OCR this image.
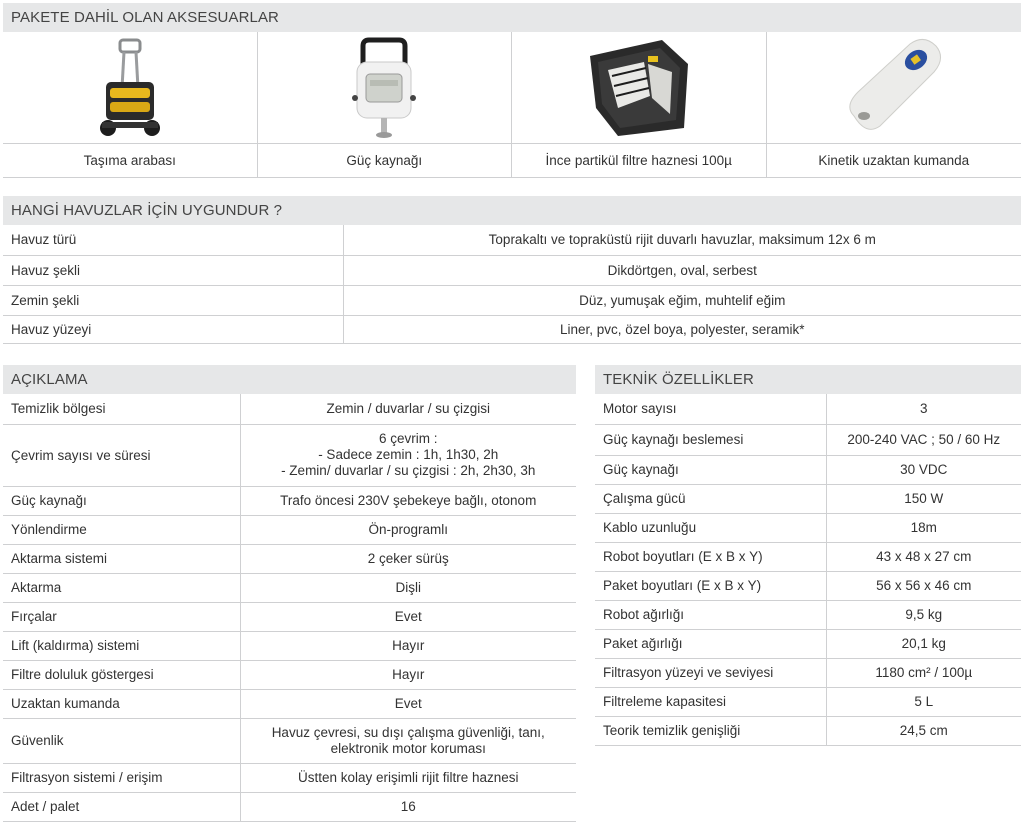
PAKETE DAHİL OLAN AKSESUARLAR
Taşıma arabası	Güç kaynağı	İnce partikül filtre haznesi 100µ	Kinetik uzaktan kumanda
HANGİ HAVUZLAR İÇİN UYGUNDUR ?
Havuz türü	Toprakaltı ve topraküstü rijit duvarlı havuzlar, maksimum 12x 6 m
Havuz şekli	Dikdörtgen, oval, serbest
Zemin şekli	Düz, yumuşak eğim, muhtelif eğim
Havuz yüzeyi	Liner, pvc, özel boya, polyester, seramik*
AÇIKLAMA
Temizlik bölgesi	Zemin / duvarlar / su çizgisi

Çevrim sayısı ve süresi	6 çevrim :
- Sadece zemin : 1h, 1h30, 2h
- Zemin/ duvarlar / su çizgisi : 2h, 2h30, 3h

Güç kaynağı	Trafo öncesi 230V şebekeye bağlı, otonom

Yönlendirme	Ön-programlı

Aktarma sistemi	2 çeker sürüş

Aktarma	Dişli

Fırçalar	Evet

Lift (kaldırma) sistemi	Hayır

Filtre doluluk göstergesi	Hayır

Uzaktan kumanda	Evet

Güvenlik	Havuz çevresi, su dışı çalışma güvenliği, tanı,
elektronik motor koruması

Filtrasyon sistemi / erişim	Üstten kolay erişimli rijit filtre haznesi

Adet / palet	16
TEKNİK ÖZELLİKLER
Motor sayısı	3
Güç kaynağı beslemesi	200-240 VAC ; 50 / 60 Hz
Güç kaynağı	30 VDC
Çalışma gücü	150 W
Kablo uzunluğu	18m
Robot boyutları (E x B x Y)	43 x 48 x 27 cm
Paket boyutları (E x B x Y)	56 x 56 x 46 cm
Robot ağırlığı	9,5 kg
Paket ağırlığı	20,1 kg
Filtrasyon yüzeyi ve seviyesi	1180 cm² / 100µ
Filtreleme kapasitesi	5 L
Teorik temizlik genişliği	24,5 cm
